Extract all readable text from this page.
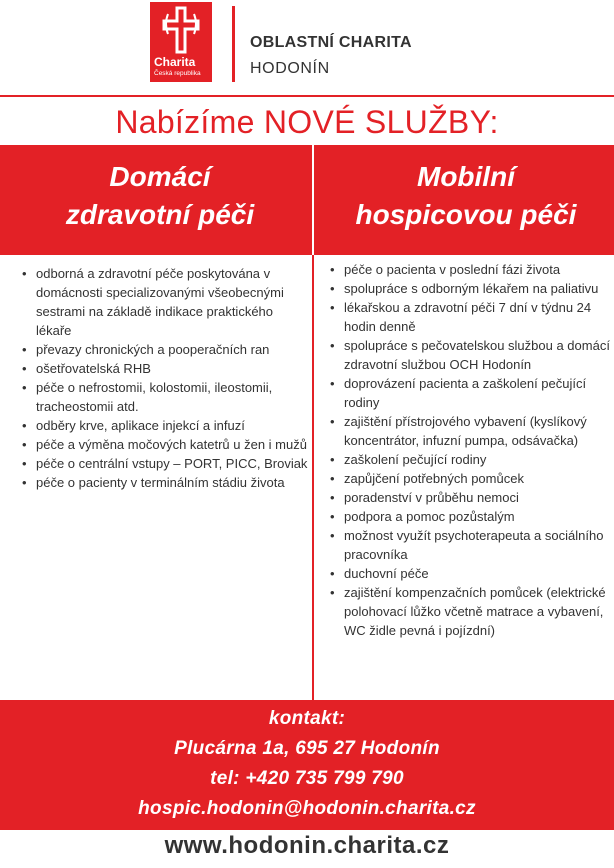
Charita
Česká republika
OBLASTNÍ CHARITA
HODONÍN
Nabízíme NOVÉ SLUŽBY:
Domácí
zdravotní péči
Mobilní
hospicovou péči
• odborná a zdravotní péče poskytována v domácnosti specializovanými všeobecnými sestrami na základě indikace praktického lékaře
• převazy chronických a pooperačních ran
• ošetřovatelská RHB
• péče o nefrostomii, kolostomii, ileostomii, tracheostomii atd.
• odběry krve, aplikace injekcí a infuzí
• péče a výměna močových katetrů u žen i mužů
• péče o centrální vstupy – PORT, PICC, Broviak
• péče o pacienty v terminálním stádiu života
• péče o pacienta v poslední fázi života
• spolupráce s odborným lékařem na paliativu
• lékařskou a zdravotní péči 7 dní v týdnu 24 hodin denně
• spolupráce s pečovatelskou službou a domácí zdravotní službou OCH Hodonín
• doprovázení pacienta a zaškolení pečující rodiny
• zajištění přístrojového vybavení (kyslíkový koncentrátor, infuzní pumpa, odsávačka)
• zaškolení pečující rodiny
• zapůjčení potřebných pomůcek
• poradenství v průběhu nemoci
• podpora a pomoc pozůstalým
• možnost využít psychoterapeuta a sociálního pracovníka
• duchovní péče
• zajištění kompenzačních pomůcek (elektrické polohovací lůžko včetně matrace a vybavení, WC židle pevná i pojízdní)
kontakt:
Plucárna 1a, 695 27 Hodonín
tel: +420 735 799 790
hospic.hodonin@hodonin.charita.cz
www.hodonin.charita.cz
